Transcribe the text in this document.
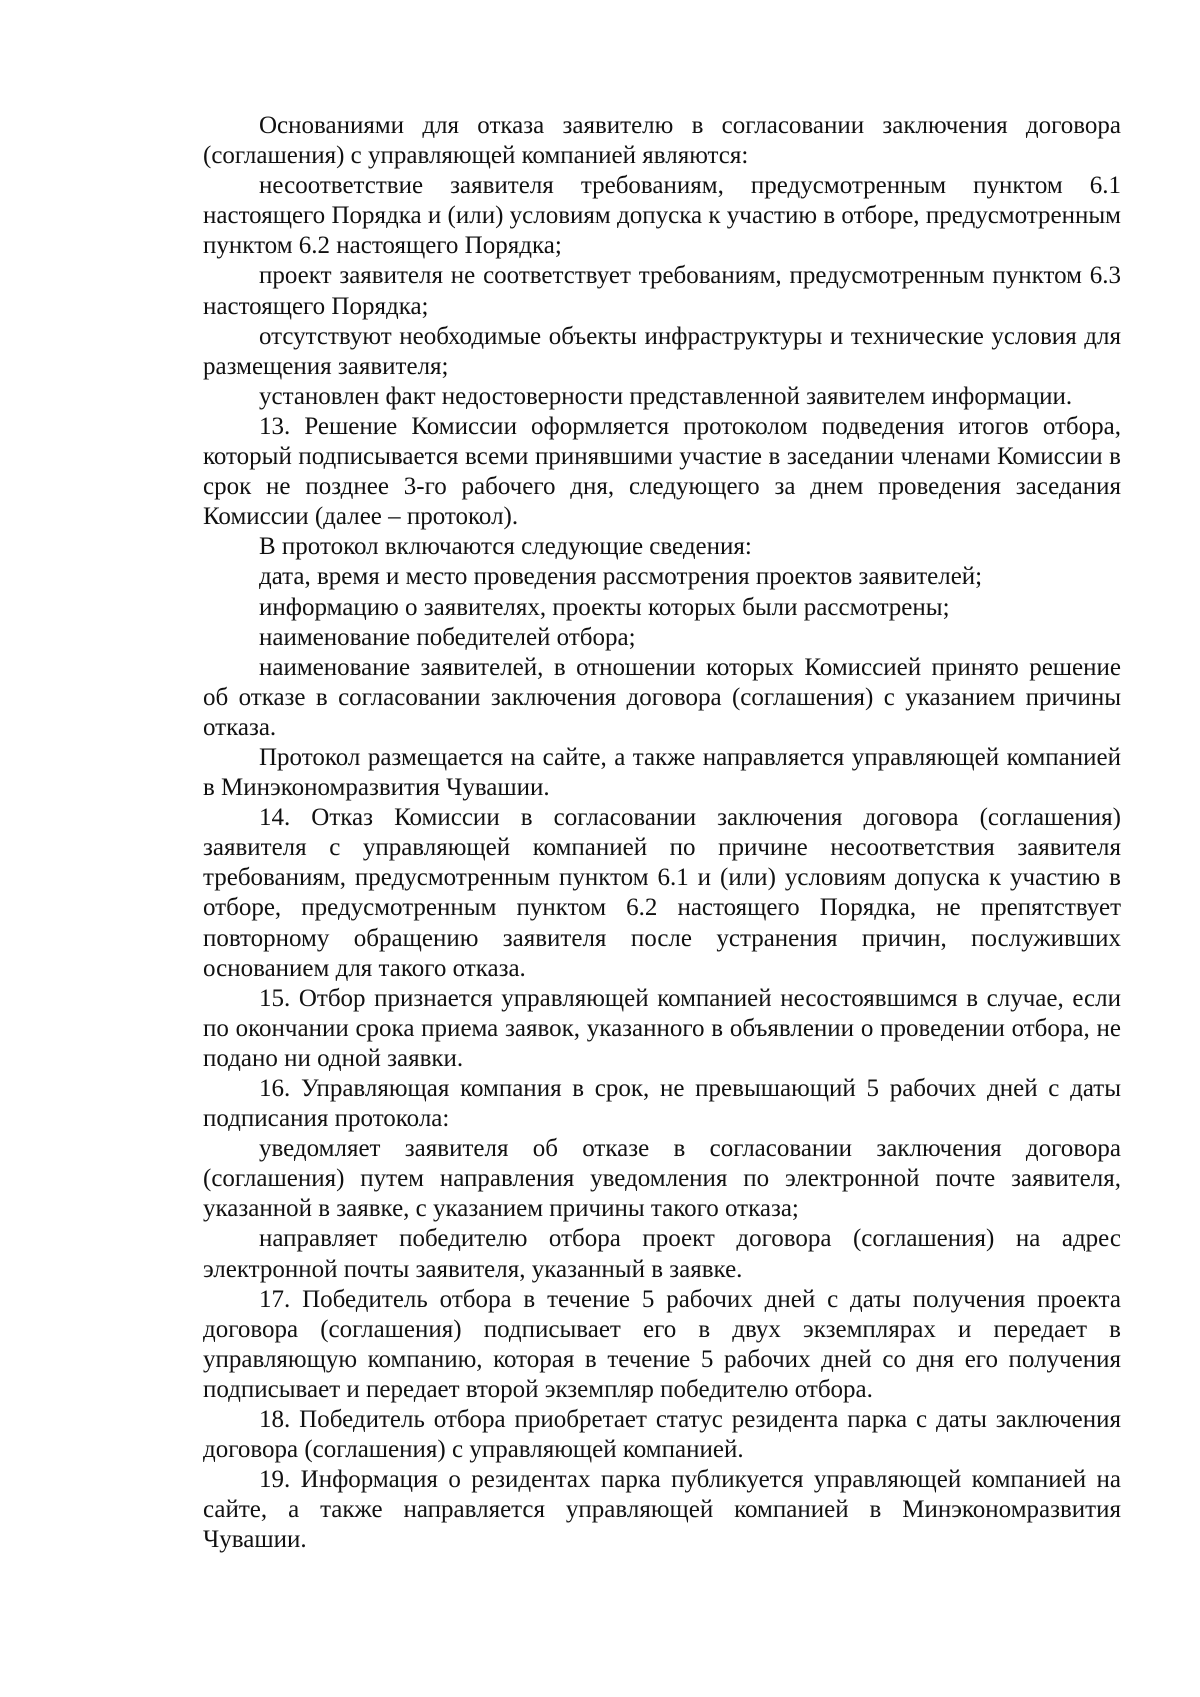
Основаниями для отказа заявителю в согласовании заключения договора (соглашения) с управляющей компанией являются:

несоответствие заявителя требованиям, предусмотренным пунктом 6.1 настоящего Порядка и (или) условиям допуска к участию в отборе, предусмотренным пунктом 6.2 настоящего Порядка;

проект заявителя не соответствует требованиям, предусмотренным пунктом 6.3 настоящего Порядка;

отсутствуют необходимые объекты инфраструктуры и технические условия для размещения заявителя;

установлен факт недостоверности представленной заявителем информации.

13. Решение Комиссии оформляется протоколом подведения итогов отбора, который подписывается всеми принявшими участие в заседании членами Комиссии в срок не позднее 3-го рабочего дня, следующего за днем проведения заседания Комиссии (далее – протокол).

В протокол включаются следующие сведения:

дата, время и место проведения рассмотрения проектов заявителей;

информацию о заявителях, проекты которых были рассмотрены;

наименование победителей отбора;

наименование заявителей, в отношении которых Комиссией принято решение об отказе в согласовании заключения договора (соглашения) с указанием причины отказа.

Протокол размещается на сайте, а также направляется управляющей компанией в Минэкономразвития Чувашии.

14. Отказ Комиссии в согласовании заключения договора (соглашения) заявителя с управляющей компанией по причине несоответствия заявителя требованиям, предусмотренным пунктом 6.1 и (или) условиям допуска к участию в отборе, предусмотренным пунктом 6.2 настоящего Порядка, не препятствует повторному обращению заявителя после устранения причин, послуживших основанием для такого отказа.

15. Отбор признается управляющей компанией несостоявшимся в случае, если по окончании срока приема заявок, указанного в объявлении о проведении отбора, не подано ни одной заявки.

16. Управляющая компания в срок, не превышающий 5 рабочих дней с даты подписания протокола:

уведомляет заявителя об отказе в согласовании заключения договора (соглашения) путем направления уведомления по электронной почте заявителя, указанной в заявке, с указанием причины такого отказа;

направляет победителю отбора проект договора (соглашения) на адрес электронной почты заявителя, указанный в заявке.

17. Победитель отбора в течение 5 рабочих дней с даты получения проекта договора (соглашения) подписывает его в двух экземплярах и передает в управляющую компанию, которая в течение 5 рабочих дней со дня его получения подписывает и передает второй экземпляр победителю отбора.

18. Победитель отбора приобретает статус резидента парка с даты заключения договора (соглашения) с управляющей компанией.

19. Информация о резидентах парка публикуется управляющей компанией на сайте, а также направляется управляющей компанией в Минэкономразвития Чувашии.
